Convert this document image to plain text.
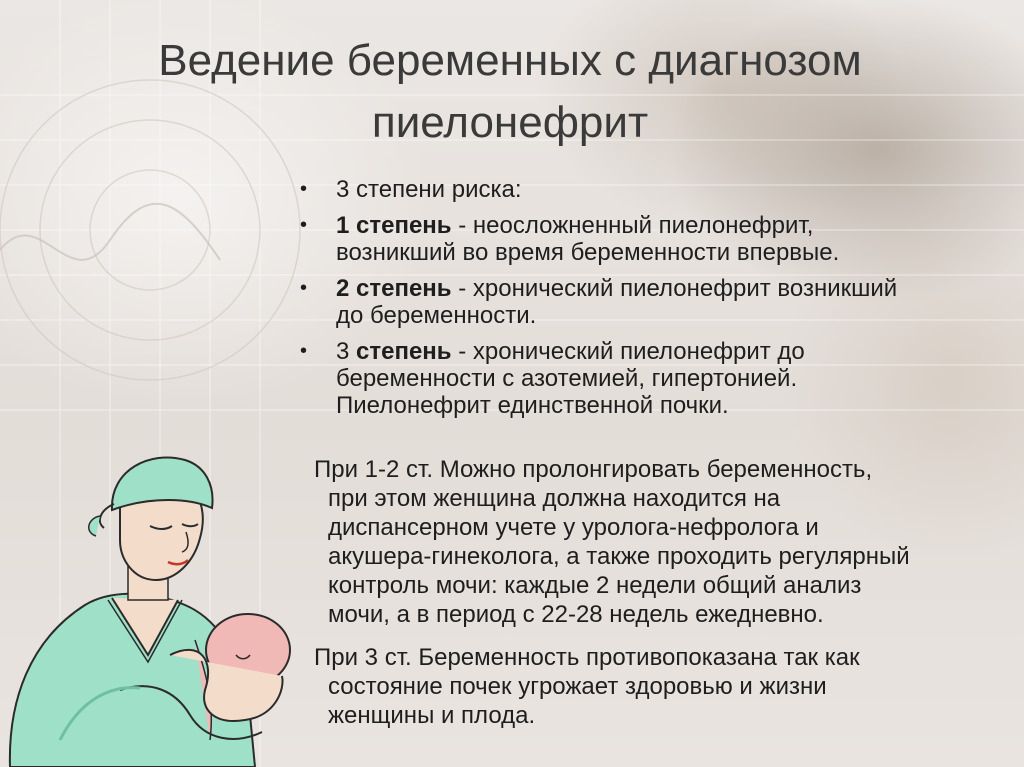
Ведение беременных с диагнозом
пиелонефрит
•	3 степени риска:
•	1 степень - неосложненный пиелонефрит,
возникший во время беременности впервые.
•	2 степень - хронический пиелонефрит возникший
до беременности.
•	3 степень - хронический пиелонефрит до
беременности с азотемией, гипертонией.
Пиелонефрит единственной почки.
При 1-2 ст. Можно пролонгировать беременность,
при этом женщина должна находится на
диспансерном учете у уролога-нефролога и
акушера-гинеколога, а также проходить регулярный
контроль мочи: каждые 2 недели общий анализ
мочи, а в период с 22-28 недель ежедневно.
При 3 ст. Беременность противопоказана так как
состояние почек угрожает здоровью и жизни
женщины и плода.
